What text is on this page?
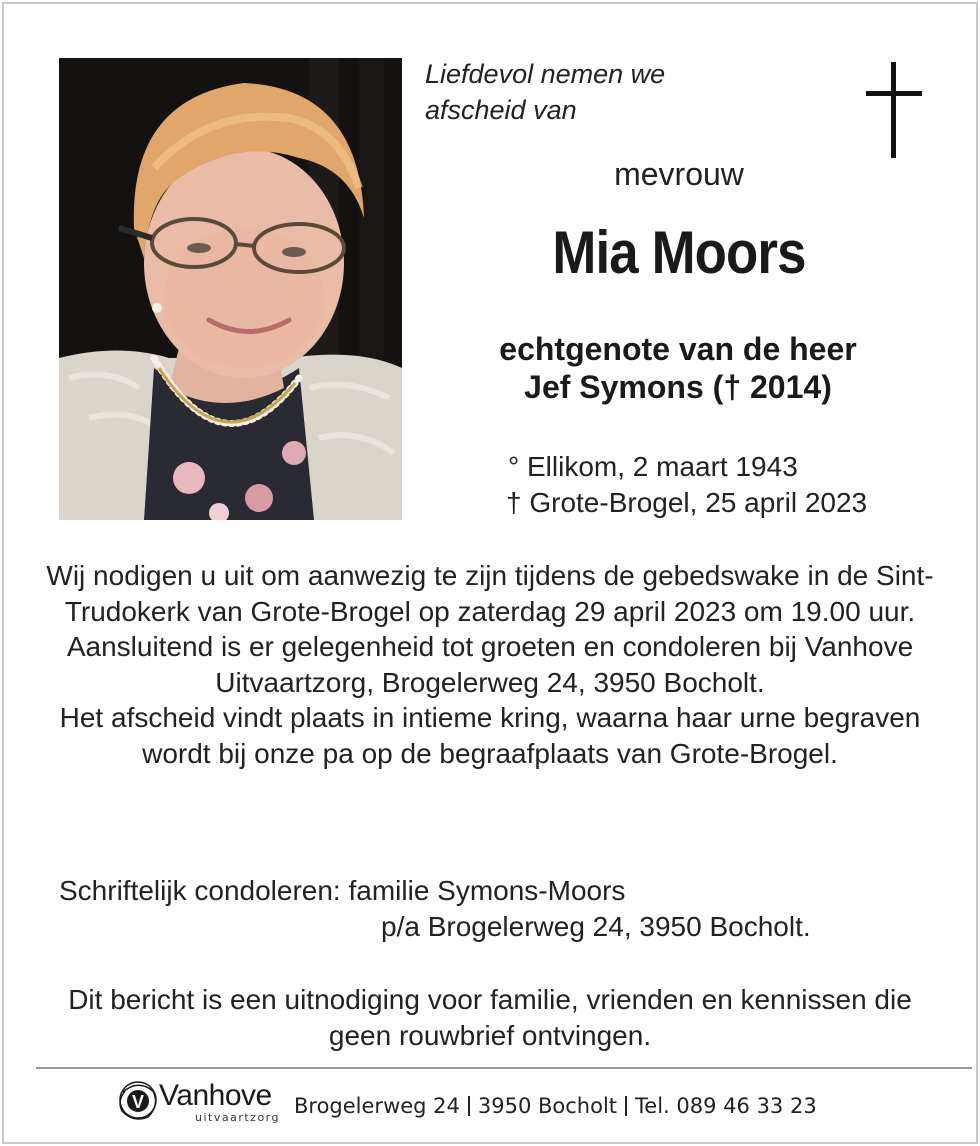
Liefdevol nemen we
afscheid van
mevrouw
Mia Moors
echtgenote van de heer
Jef Symons († 2014)
° Ellikom, 2 maart 1943
† Grote-Brogel, 25 april 2023

Wij nodigen u uit om aanwezig te zijn tijdens de gebedswake in de Sint-Trudokerk van Grote-Brogel op zaterdag 29 april 2023 om 19.00 uur.

Aansluitend is er gelegenheid tot groeten en condoleren bij Vanhove Uitvaartzorg, Brogelerweg 24, 3950 Bocholt.

Het afscheid vindt plaats in intieme kring, waarna haar urne begraven wordt bij onze pa op de begraafplaats van Grote-Brogel.

Schriftelijk condoleren: familie Symons-Moors
p/a Brogelerweg 24, 3950 Bocholt.
Dit bericht is een uitnodiging voor familie, vrienden en kennissen die geen rouwbrief ontvingen.
V Vanhove
uitvaartzorg Brogelerweg 24 3950 Bocholt Tel. 089 46 33 23
